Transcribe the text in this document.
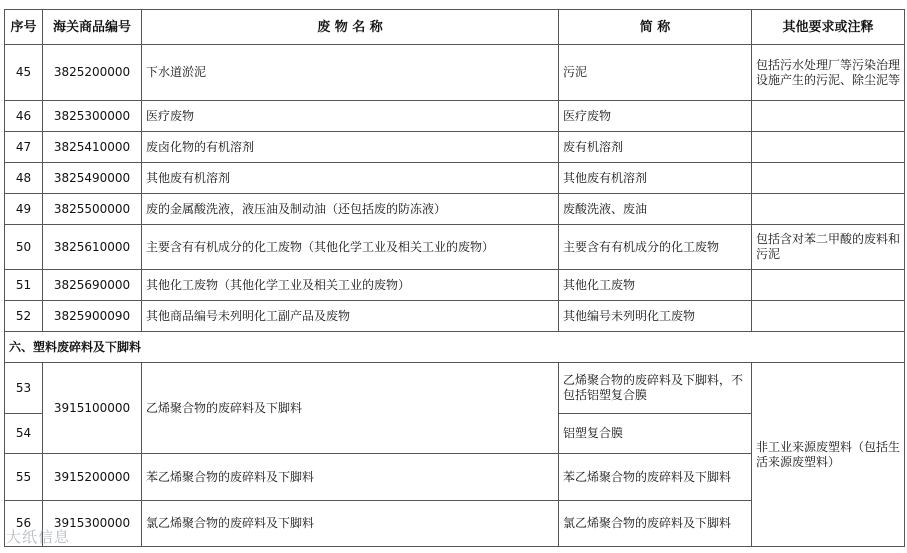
序号	海关商品编号	废 物 名 称	简 称	其他要求或注释
45	3825200000	下水道淤泥	污泥	包括污水处理厂等污染治理设施产生的污泥、除尘泥等
46	3825300000	医疗废物	医疗废物	
47	3825410000	废卤化物的有机溶剂	废有机溶剂	
48	3825490000	其他废有机溶剂	其他废有机溶剂	
49	3825500000	废的金属酸洗液，液压油及制动油（还包括废的防冻液）	废酸洗液、废油	
50	3825610000	主要含有有机成分的化工废物（其他化学工业及相关工业的废物）	主要含有有机成分的化工废物	包括含对苯二甲酸的废料和污泥
51	3825690000	其他化工废物（其他化学工业及相关工业的废物）	其他化工废物	
52	3825900090	其他商品编号未列明化工副产品及废物	其他编号未列明化工废物	
六、塑料废碎料及下脚料				
53	3915100000	乙烯聚合物的废碎料及下脚料	乙烯聚合物的废碎料及下脚料，不包括铝塑复合膜	非工业来源废塑料（包括生活来源废塑料）
54			铝塑复合膜	
55	3915200000	苯乙烯聚合物的废碎料及下脚料	苯乙烯聚合物的废碎料及下脚料	
56	3915300000	氯乙烯聚合物的废碎料及下脚料	氯乙烯聚合物的废碎料及下脚料	
大纸信息
